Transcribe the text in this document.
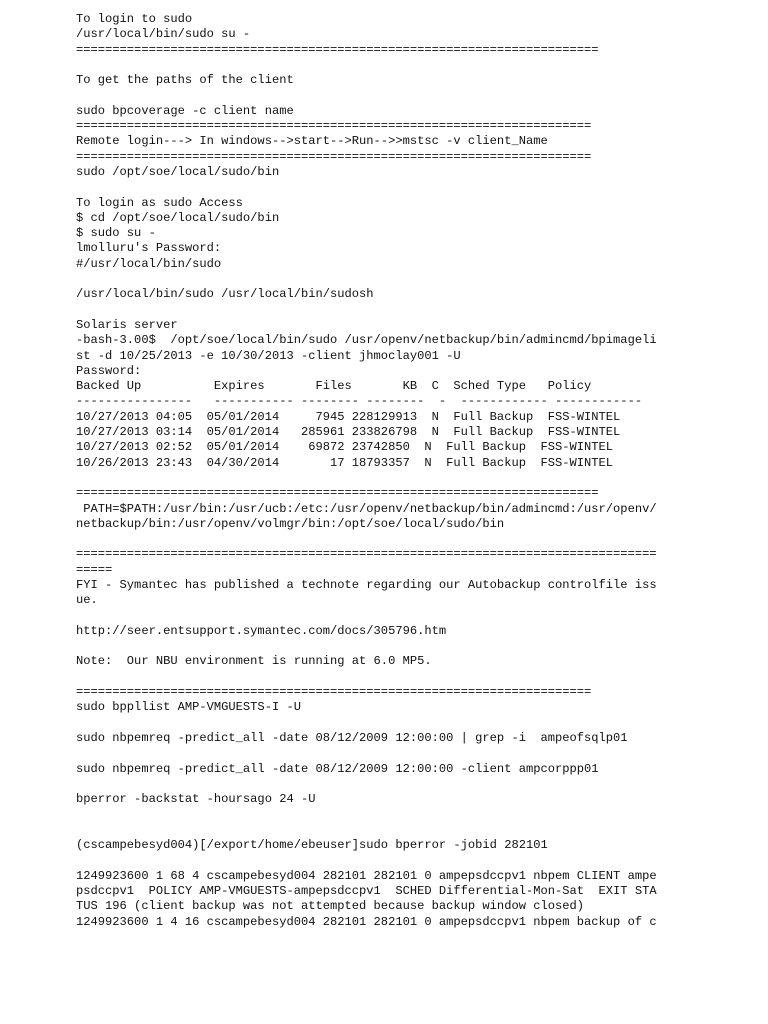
To login to sudo
/usr/local/bin/sudo su -
========================================================================
To get the paths of the client
sudo bpcoverage -c client name
=======================================================================
Remote login---> In windows-->start-->Run-->>mstsc -v client_Name
=======================================================================
sudo /opt/soe/local/sudo/bin
To login as sudo Access
$ cd /opt/soe/local/sudo/bin
$ sudo su -
lmolluru's Password:
#/usr/local/bin/sudo
/usr/local/bin/sudo /usr/local/bin/sudosh
Solaris server
-bash-3.00$  /opt/soe/local/bin/sudo /usr/openv/netbackup/bin/admincmd/bpimageli
st -d 10/25/2013 -e 10/30/2013 -client jhmoclay001 -U
Password:
Backed Up          Expires       Files       KB  C  Sched Type   Policy
----------------   ----------- -------- --------  -  ------------ ------------
10/27/2013 04:05  05/01/2014     7945 228129913  N  Full Backup  FSS-WINTEL
10/27/2013 03:14  05/01/2014   285961 233826798  N  Full Backup  FSS-WINTEL
10/27/2013 02:52  05/01/2014    69872 23742850  N  Full Backup  FSS-WINTEL
10/26/2013 23:43  04/30/2014       17 18793357  N  Full Backup  FSS-WINTEL
========================================================================
PATH=$PATH:/usr/bin:/usr/ucb:/etc:/usr/openv/netbackup/bin/admincmd:/usr/openv/
netbackup/bin:/usr/openv/volmgr/bin:/opt/soe/local/sudo/bin
================================================================================
=====
FYI - Symantec has published a technote regarding our Autobackup controlfile iss
ue.
http://seer.entsupport.symantec.com/docs/305796.htm
Note:  Our NBU environment is running at 6.0 MP5.
=======================================================================
sudo bppllist AMP-VMGUESTS-I -U
sudo nbpemreq -predict_all -date 08/12/2009 12:00:00 | grep -i  ampeofsqlp01
sudo nbpemreq -predict_all -date 08/12/2009 12:00:00 -client ampcorppp01
bperror -backstat -hoursago 24 -U
(cscampebesyd004)[/export/home/ebeuser]sudo bperror -jobid 282101
1249923600 1 68 4 cscampebesyd004 282101 282101 0 ampepsdccpv1 nbpem CLIENT ampe
psdccpv1  POLICY AMP-VMGUESTS-ampepsdccpv1  SCHED Differential-Mon-Sat  EXIT STA
TUS 196 (client backup was not attempted because backup window closed)
1249923600 1 4 16 cscampebesyd004 282101 282101 0 ampepsdccpv1 nbpem backup of c
